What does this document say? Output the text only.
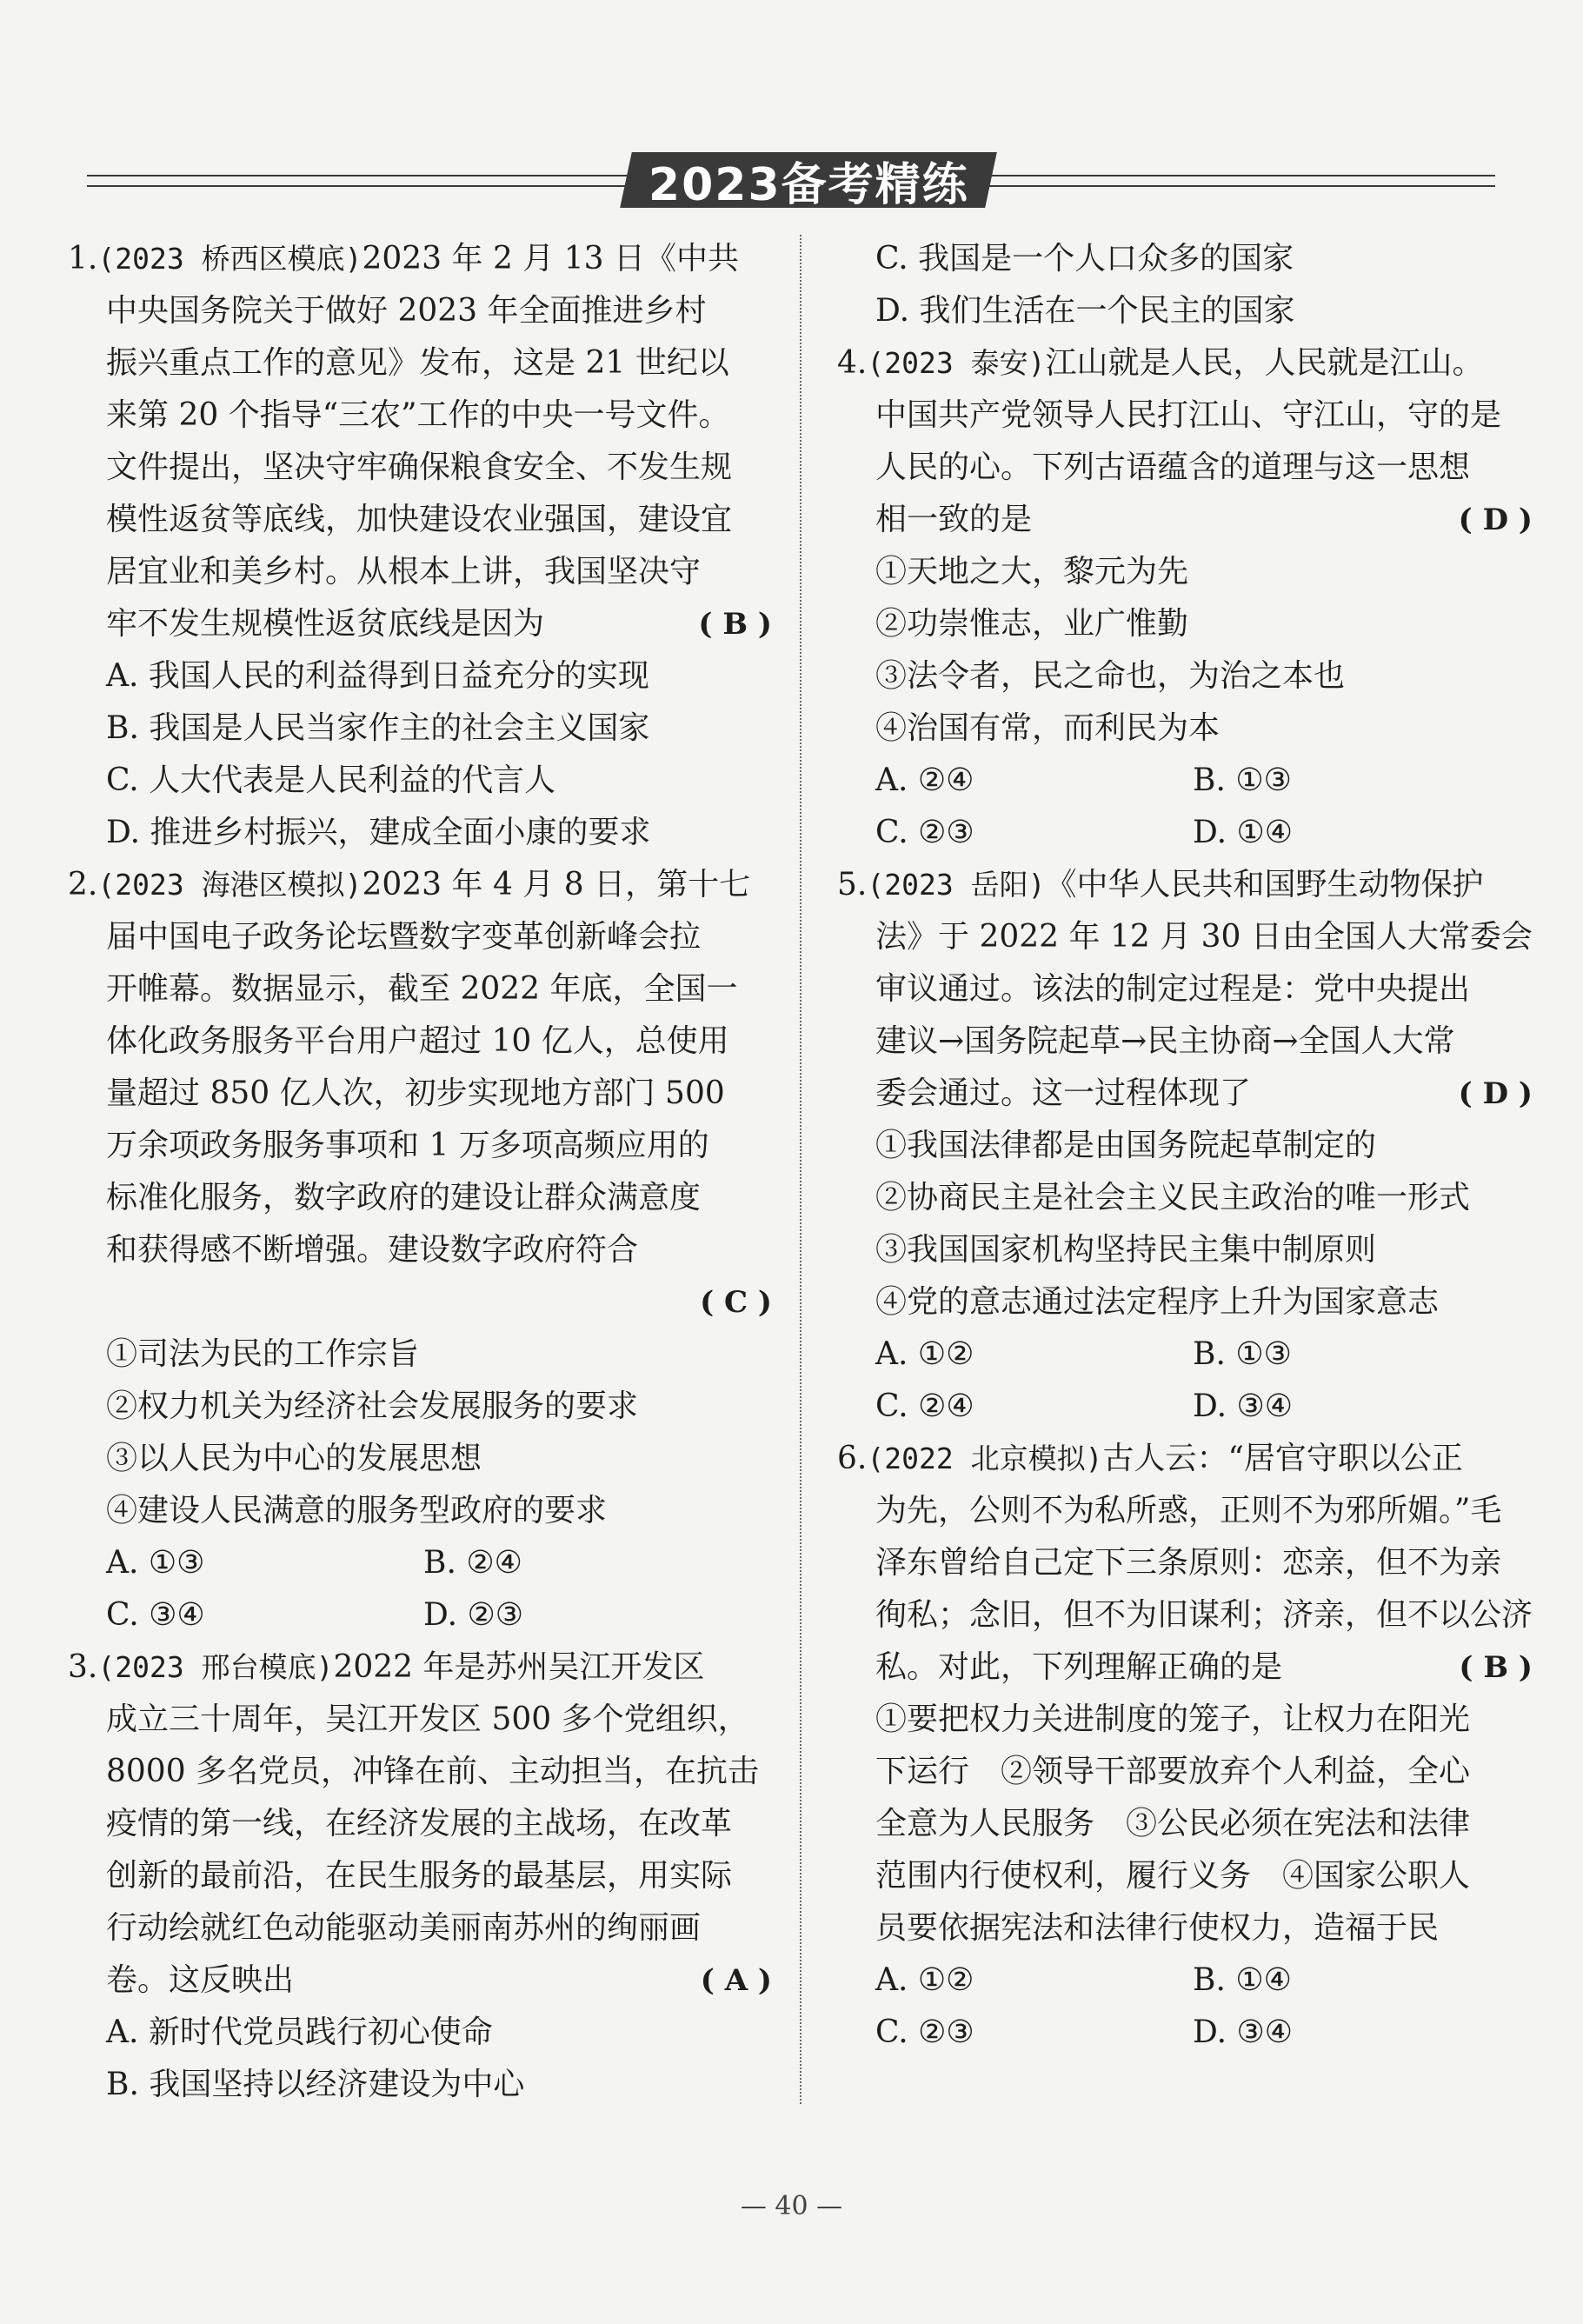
2023备考精练
1.(2023 桥西区模底)2023 年 2 月 13 日《中共
中央国务院关于做好 2023 年全面推进乡村
振兴重点工作的意见》发布，这是 21 世纪以
来第 20 个指导“三农”工作的中央一号文件。
文件提出，坚决守牢确保粮食安全、不发生规
模性返贫等底线，加快建设农业强国，建设宜
居宜业和美乡村。从根本上讲，我国坚决守
牢不发生规模性返贫底线是因为	( B )
A. 我国人民的利益得到日益充分的实现
B. 我国是人民当家作主的社会主义国家
C. 人大代表是人民利益的代言人
D. 推进乡村振兴，建成全面小康的要求
2.(2023 海港区模拟)2023 年 4 月 8 日，第十七
届中国电子政务论坛暨数字变革创新峰会拉
开帷幕。数据显示，截至 2022 年底，全国一
体化政务服务平台用户超过 10 亿人，总使用
量超过 850 亿人次，初步实现地方部门 500
万余项政务服务事项和 1 万多项高频应用的
标准化服务，数字政府的建设让群众满意度
和获得感不断增强。建设数字政府符合
( C )
①司法为民的工作宗旨
②权力机关为经济社会发展服务的要求
③以人民为中心的发展思想
④建设人民满意的服务型政府的要求
A. ①③	B. ②④
C. ③④	D. ②③
3.(2023 邢台模底)2022 年是苏州吴江开发区
成立三十周年，吴江开发区 500 多个党组织，
8000 多名党员，冲锋在前、主动担当，在抗击
疫情的第一线，在经济发展的主战场，在改革
创新的最前沿，在民生服务的最基层，用实际
行动绘就红色动能驱动美丽南苏州的绚丽画
卷。这反映出	( A )
A. 新时代党员践行初心使命
B. 我国坚持以经济建设为中心
C. 我国是一个人口众多的国家
D. 我们生活在一个民主的国家
4.(2023 泰安)江山就是人民，人民就是江山。
中国共产党领导人民打江山、守江山，守的是
人民的心。下列古语蕴含的道理与这一思想
相一致的是	( D )
①天地之大，黎元为先
②功崇惟志，业广惟勤
③法令者，民之命也，为治之本也
④治国有常，而利民为本
A. ②④	B. ①③
C. ②③	D. ①④
5.(2023 岳阳)《中华人民共和国野生动物保护
法》于 2022 年 12 月 30 日由全国人大常委会
审议通过。该法的制定过程是：党中央提出
建议→国务院起草→民主协商→全国人大常
委会通过。这一过程体现了	( D )
①我国法律都是由国务院起草制定的
②协商民主是社会主义民主政治的唯一形式
③我国国家机构坚持民主集中制原则
④党的意志通过法定程序上升为国家意志
A. ①②	B. ①③
C. ②④	D. ③④
6.(2022 北京模拟)古人云：“居官守职以公正
为先，公则不为私所惑，正则不为邪所媚。”毛
泽东曾给自己定下三条原则：恋亲，但不为亲
徇私；念旧，但不为旧谋利；济亲，但不以公济
私。对此，下列理解正确的是	( B )
①要把权力关进制度的笼子，让权力在阳光
下运行　②领导干部要放弃个人利益，全心
全意为人民服务　③公民必须在宪法和法律
范围内行使权利，履行义务　④国家公职人
员要依据宪法和法律行使权力，造福于民
A. ①②	B. ①④
C. ②③	D. ③④
— 40 —
